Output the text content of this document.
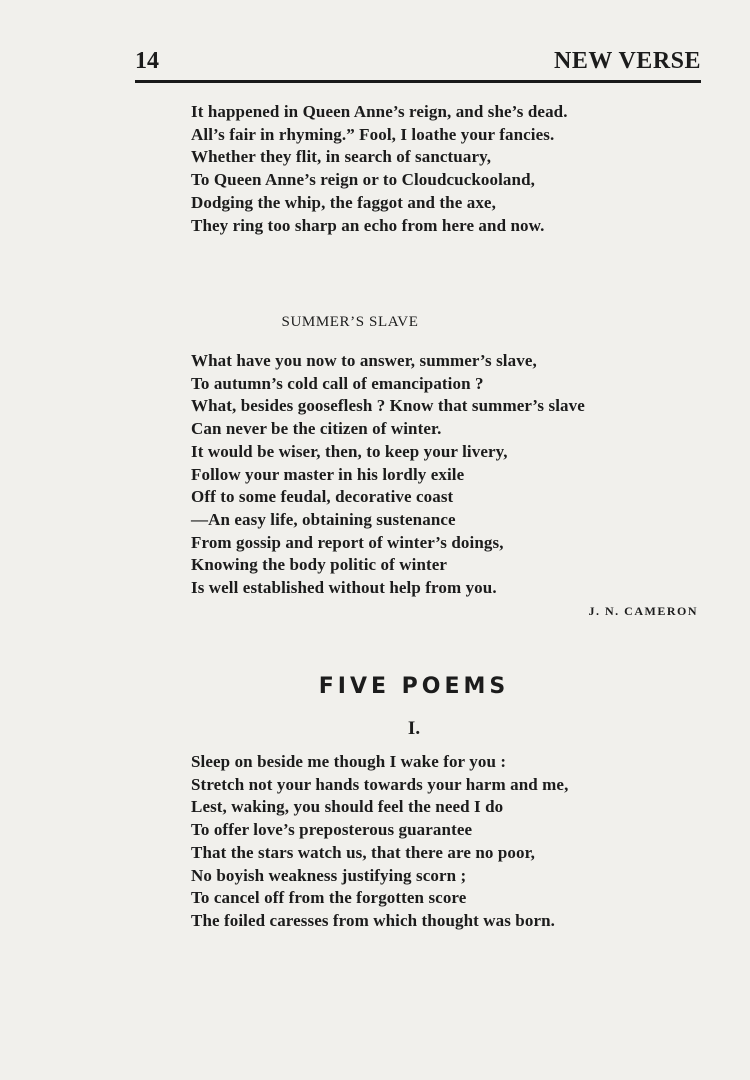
14	NEW VERSE
It happened in Queen Anne’s reign, and she’s dead.
All’s fair in rhyming.” Fool, I loathe your fancies.
Whether they flit, in search of sanctuary,
To Queen Anne’s reign or to Cloudcuckooland,
Dodging the whip, the faggot and the axe,
They ring too sharp an echo from here and now.
SUMMER’S SLAVE
What have you now to answer, summer’s slave,
To autumn’s cold call of emancipation ?
What, besides gooseflesh ? Know that summer’s slave
Can never be the citizen of winter.
It would be wiser, then, to keep your livery,
Follow your master in his lordly exile
Off to some feudal, decorative coast
—An easy life, obtaining sustenance
From gossip and report of winter’s doings,
Knowing the body politic of winter
Is well established without help from you.
J. N. CAMERON
FIVE POEMS
I.
Sleep on beside me though I wake for you :
Stretch not your hands towards your harm and me,
Lest, waking, you should feel the need I do
To offer love’s preposterous guarantee
That the stars watch us, that there are no poor,
No boyish weakness justifying scorn ;
To cancel off from the forgotten score
The foiled caresses from which thought was born.
